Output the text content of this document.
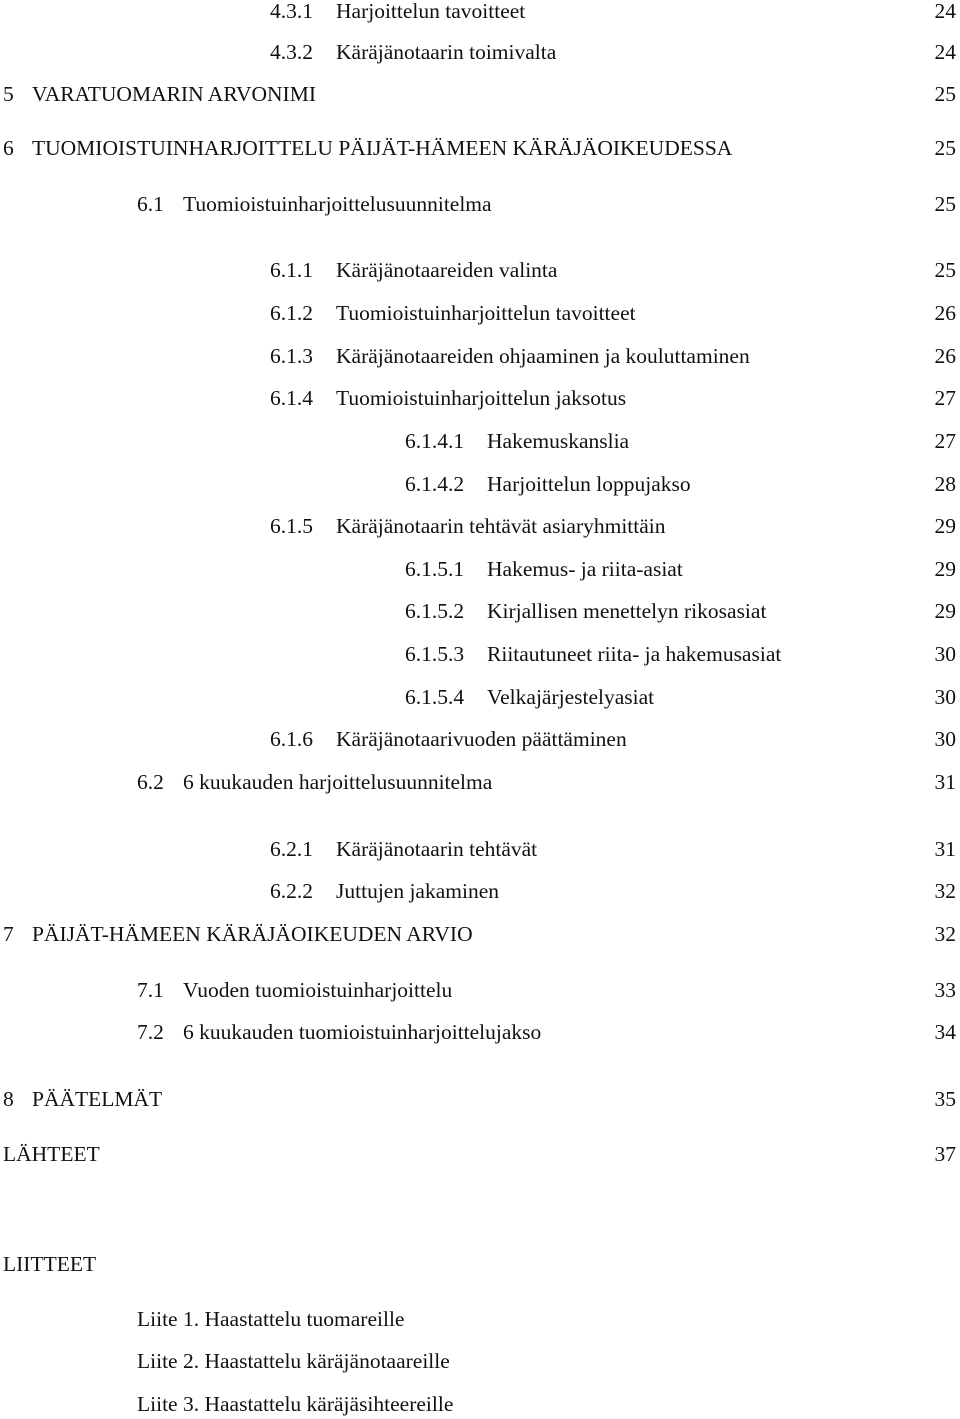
4.3.1 Harjoittelun tavoitteet	24
4.3.2 Käräjänotaarin toimivalta	24
5 VARATUOMARIN ARVONIMI	25
6 TUOMIOISTUINHARJOITTELU PÄIJÄT-HÄMEEN KÄRÄJÄOIKEUDESSA	25
6.1 Tuomioistuinharjoittelusuunnitelma	25
6.1.1 Käräjänotaareiden valinta	25
6.1.2 Tuomioistuinharjoittelun tavoitteet	26
6.1.3 Käräjänotaareiden ohjaaminen ja kouluttaminen	26
6.1.4 Tuomioistuinharjoittelun jaksotus	27
6.1.4.1 Hakemuskanslia	27
6.1.4.2 Harjoittelun loppujakso	28
6.1.5 Käräjänotaarin tehtävät asiaryhmittäin	29
6.1.5.1 Hakemus- ja riita-asiat	29
6.1.5.2 Kirjallisen menettelyn rikosasiat	29
6.1.5.3 Riitautuneet riita- ja hakemusasiat	30
6.1.5.4 Velkajärjestelyasiat	30
6.1.6 Käräjänotaarivuoden päättäminen	30
6.2 6 kuukauden harjoittelusuunnitelma	31
6.2.1 Käräjänotaarin tehtävät	31
6.2.2 Juttujen jakaminen	32
7 PÄIJÄT-HÄMEEN KÄRÄJÄOIKEUDEN ARVIO	32
7.1 Vuoden tuomioistuinharjoittelu	33
7.2 6 kuukauden tuomioistuinharjoittelujakso	34
8 PÄÄTELMÄT	35
LÄHTEET	37
LIITTEET
Liite 1. Haastattelu tuomareille
Liite 2. Haastattelu käräjänotaareille
Liite 3. Haastattelu käräjäsihteereille
